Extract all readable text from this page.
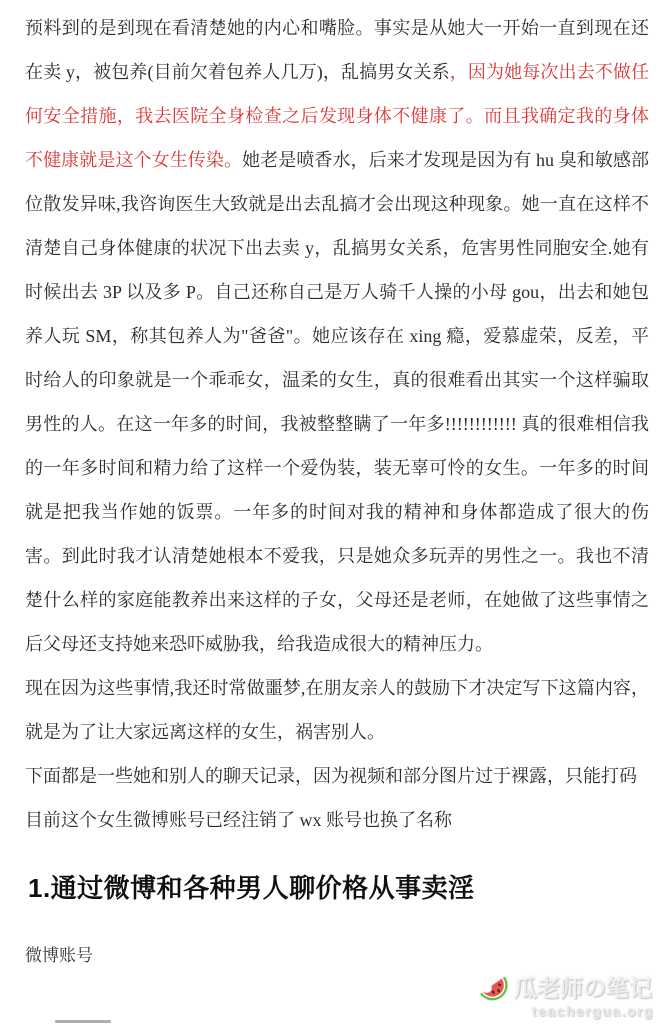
预料到的是到现在看清楚她的内心和嘴脸。事实是从她大一开始一直到现在还在卖 y，被包养(目前欠着包养人几万)，乱搞男女关系，因为她每次出去不做任何安全措施，我去医院全身检查之后发现身体不健康了。而且我确定我的身体不健康就是这个女生传染。她老是喷香水，后来才发现是因为有 hu 臭和敏感部位散发异味,我咨询医生大致就是出去乱搞才会出现这种现象。她一直在这样不清楚自己身体健康的状况下出去卖 y，乱搞男女关系，危害男性同胞安全.她有时候出去 3P 以及多 P。自己还称自己是万人骑千人操的小母 gou，出去和她包养人玩 SM，称其包养人为"爸爸"。她应该存在 xing 瘾，爱慕虚荣，反差，平时给人的印象就是一个乖乖女，温柔的女生，真的很难看出其实一个这样骗取男性的人。在这一年多的时间，我被整整瞒了一年多!!!!!!!!!!!! 真的很难相信我的一年多时间和精力给了这样一个爱伪装，装无辜可怜的女生。一年多的时间就是把我当作她的饭票。一年多的时间对我的精神和身体都造成了很大的伤害。到此时我才认清楚她根本不爱我，只是她众多玩弄的男性之一。我也不清楚什么样的家庭能教养出来这样的子女，父母还是老师，在她做了这些事情之后父母还支持她来恐吓威胁我，给我造成很大的精神压力。

现在因为这些事情,我还时常做噩梦,在朋友亲人的鼓励下才决定写下这篇内容，就是为了让大家远离这样的女生，祸害别人。

下面都是一些她和别人的聊天记录，因为视频和部分图片过于裸露，只能打码
目前这个女生微博账号已经注销了 wx 账号也换了名称

1.通过微博和各种男人聊价格从事卖淫
微博账号
瓜老师の笔记
teachergua.org
